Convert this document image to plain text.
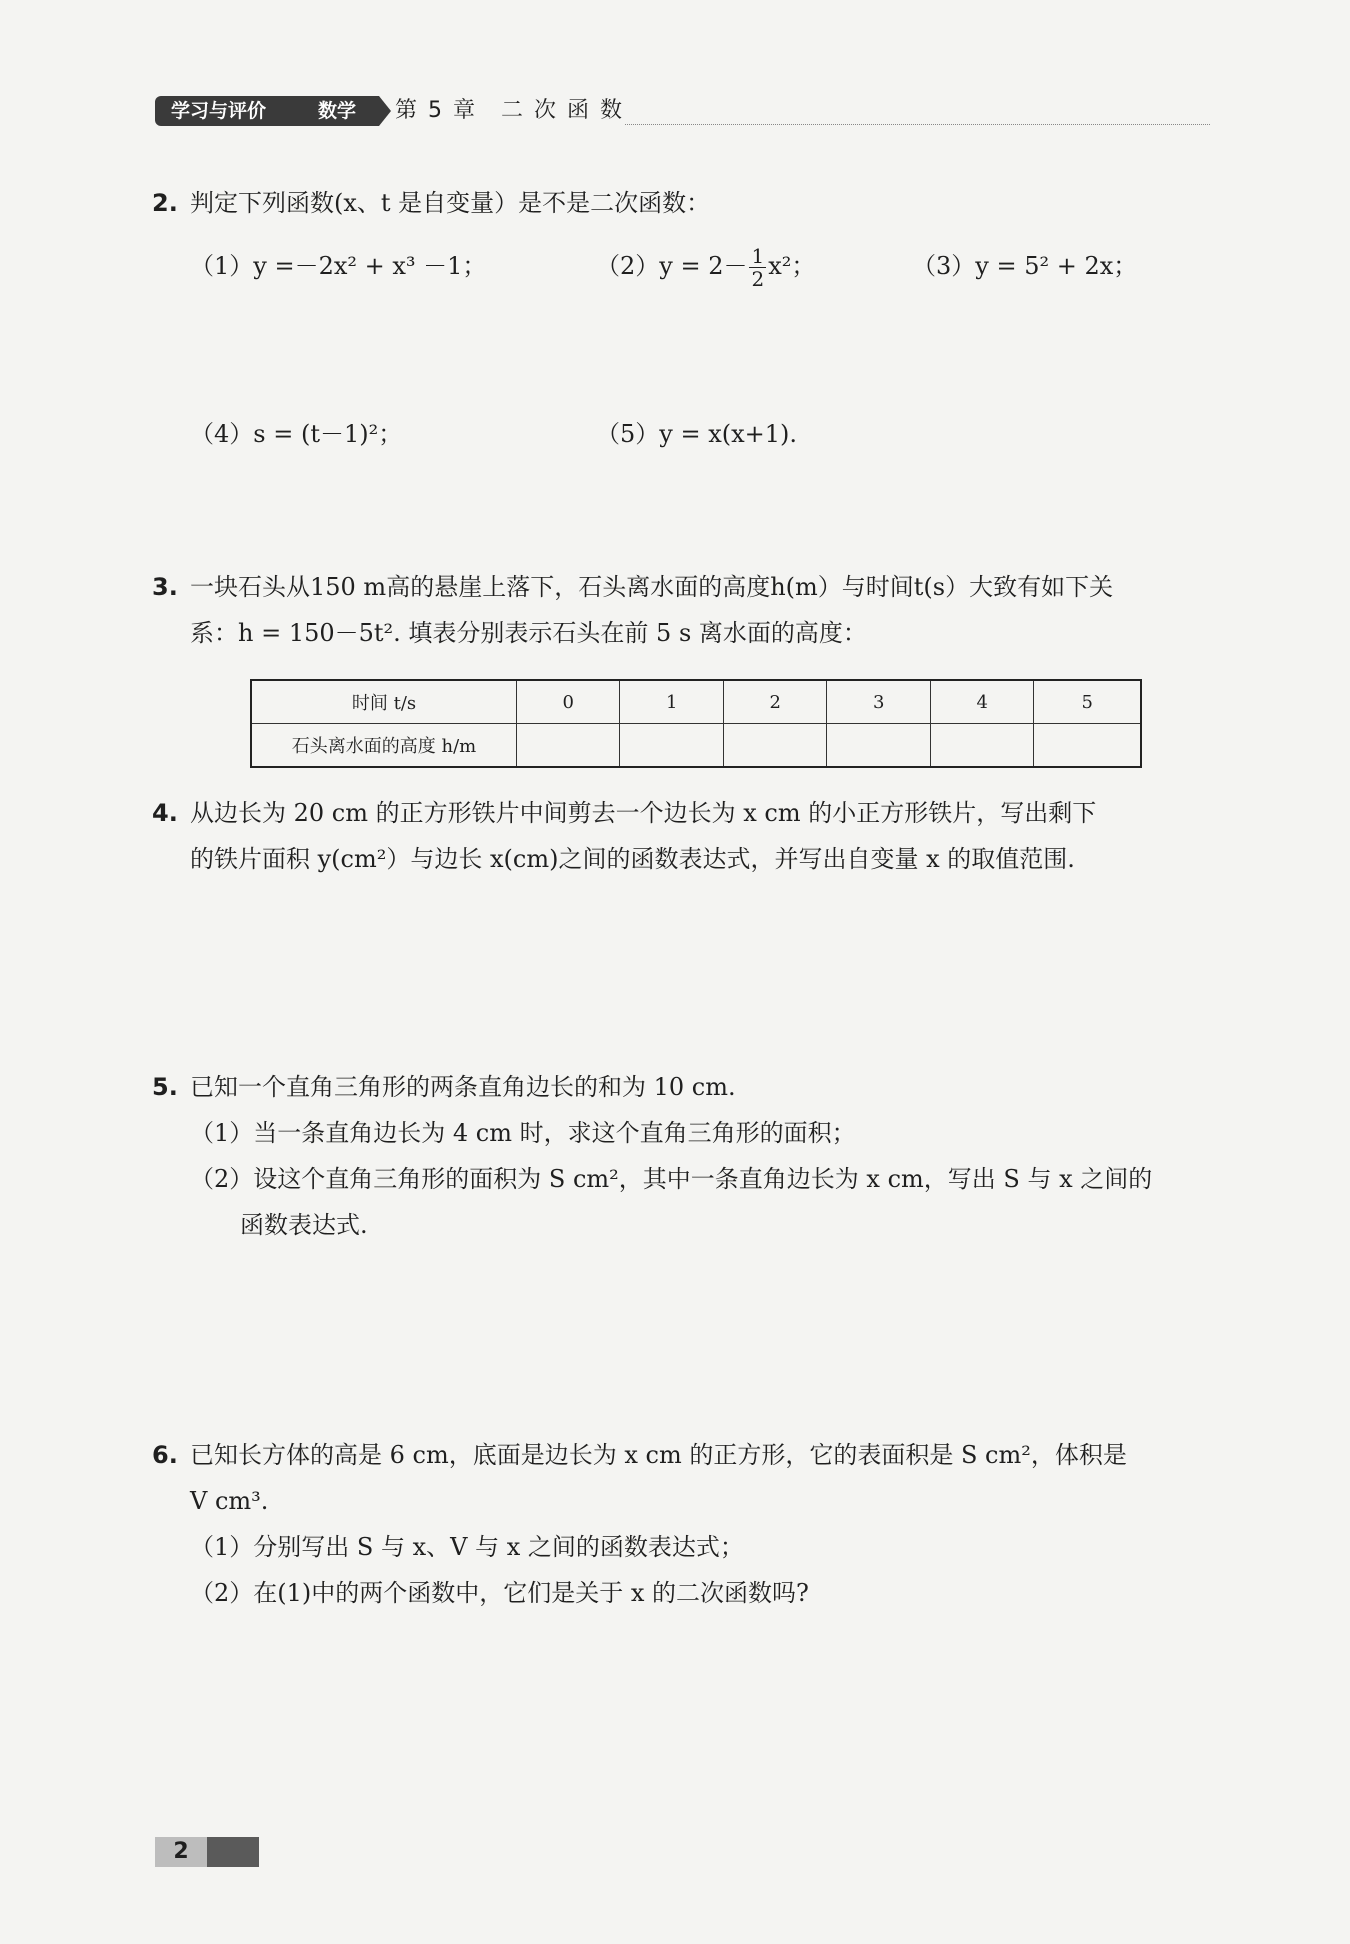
学习与评价	数学 第 5 章　二 次 函 数
2. 判定下列函数(x、t 是自变量）是不是二次函数：
（1）y =－2x² + x³ －1；	$(2)y = 2- \frac{1}{2} x^2$；	（3）y = 5² + 2x；
（4）s = (t－1)²；	（5）y = x(x+1).
3. 一块石头从150 m高的悬崖上落下，石头离水面的高度h(m）与时间t(s）大致有如下关
系：h = 150－5t². 填表分别表示石头在前 5 s 离水面的高度：
时间 t/s	0	1	2	3	4	5
石头离水面的高度 h/m						
4. 从边长为 20 cm 的正方形铁片中间剪去一个边长为 x cm 的小正方形铁片，写出剩下
的铁片面积 y(cm²）与边长 x(cm)之间的函数表达式，并写出自变量 x 的取值范围.
5. 已知一个直角三角形的两条直角边长的和为 10 cm.
（1）当一条直角边长为 4 cm 时，求这个直角三角形的面积；
（2）设这个直角三角形的面积为 S cm²，其中一条直角边长为 x cm，写出 S 与 x 之间的
函数表达式.
6. 已知长方体的高是 6 cm，底面是边长为 x cm 的正方形，它的表面积是 S cm²，体积是
V cm³.
（1）分别写出 S 与 x、V 与 x 之间的函数表达式；
（2）在(1)中的两个函数中，它们是关于 x 的二次函数吗?
2
